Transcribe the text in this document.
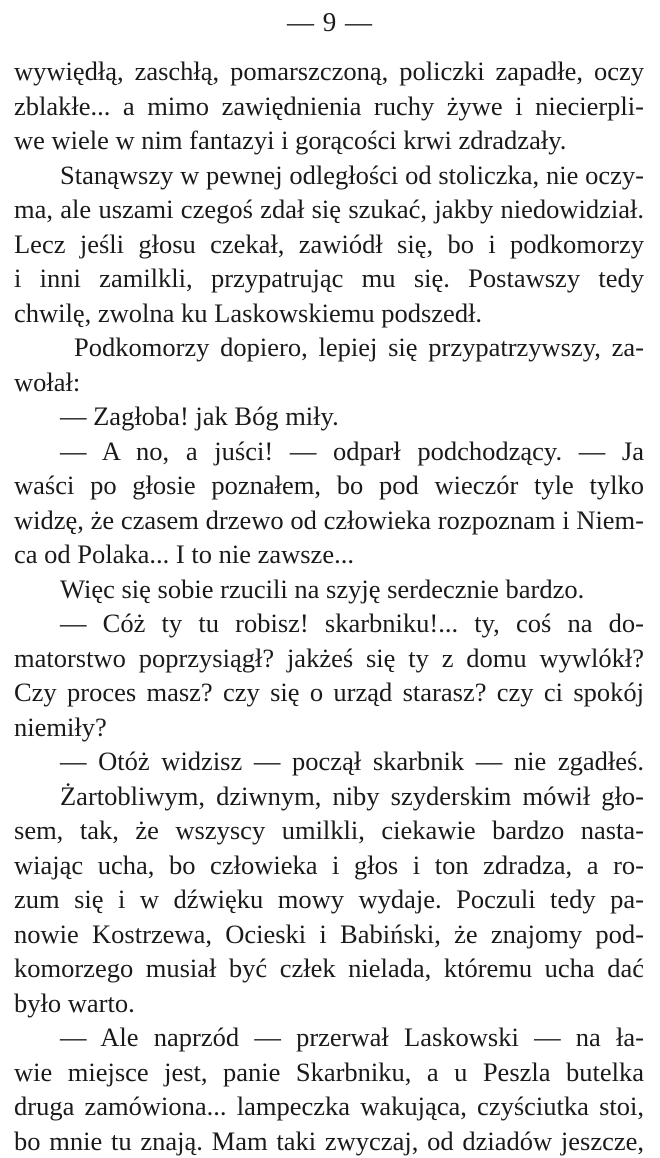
— 9 —
wywiędłą, zaschłą, pomarszczoną, policzki zapadłe, oczy
zblakłe... a mimo zawiędnienia ruchy żywe i niecierpli-
we wiele w nim fantazyi i gorącości krwi zdradzały.
Stanąwszy w pewnej odległości od stoliczka, nie oczy-
ma, ale uszami czegoś zdał się szukać, jakby niedowidział.
Lecz jeśli głosu czekał, zawiódł się, bo i podkomorzy
i inni zamilkli, przypatrując mu się. Postawszy tedy
chwilę, zwolna ku Laskowskiemu podszedł.
Podkomorzy dopiero, lepiej się przypatrzywszy, za-
wołał:
— Zagłoba! jak Bóg miły.
— A no, a juści! — odparł podchodzący. — Ja
waści po głosie poznałem, bo pod wieczór tyle tylko
widzę, że czasem drzewo od człowieka rozpoznam i Niem-
ca od Polaka... I to nie zawsze...
Więc się sobie rzucili na szyję serdecznie bardzo.
— Cóż ty tu robisz! skarbniku!... ty, coś na do-
matorstwo poprzysiągł? jakżeś się ty z domu wywlókł?
Czy proces masz? czy się o urząd starasz? czy ci spokój
niemiły?
— Otóż widzisz — począł skarbnik — nie zgadłeś.
Żartobliwym, dziwnym, niby szyderskim mówił gło-
sem, tak, że wszyscy umilkli, ciekawie bardzo nasta-
wiając ucha, bo człowieka i głos i ton zdradza, a ro-
zum się i w dźwięku mowy wydaje. Poczuli tedy pa-
nowie Kostrzewa, Ocieski i Babiński, że znajomy pod-
komorzego musiał być człek nielada, któremu ucha dać
było warto.
— Ale naprzód — przerwał Laskowski — na ła-
wie miejsce jest, panie Skarbniku, a u Peszla butelka
druga zamówiona... lampeczka wakująca, czyściutka stoi,
bo mnie tu znają. Mam taki zwyczaj, od dziadów jeszcze,
